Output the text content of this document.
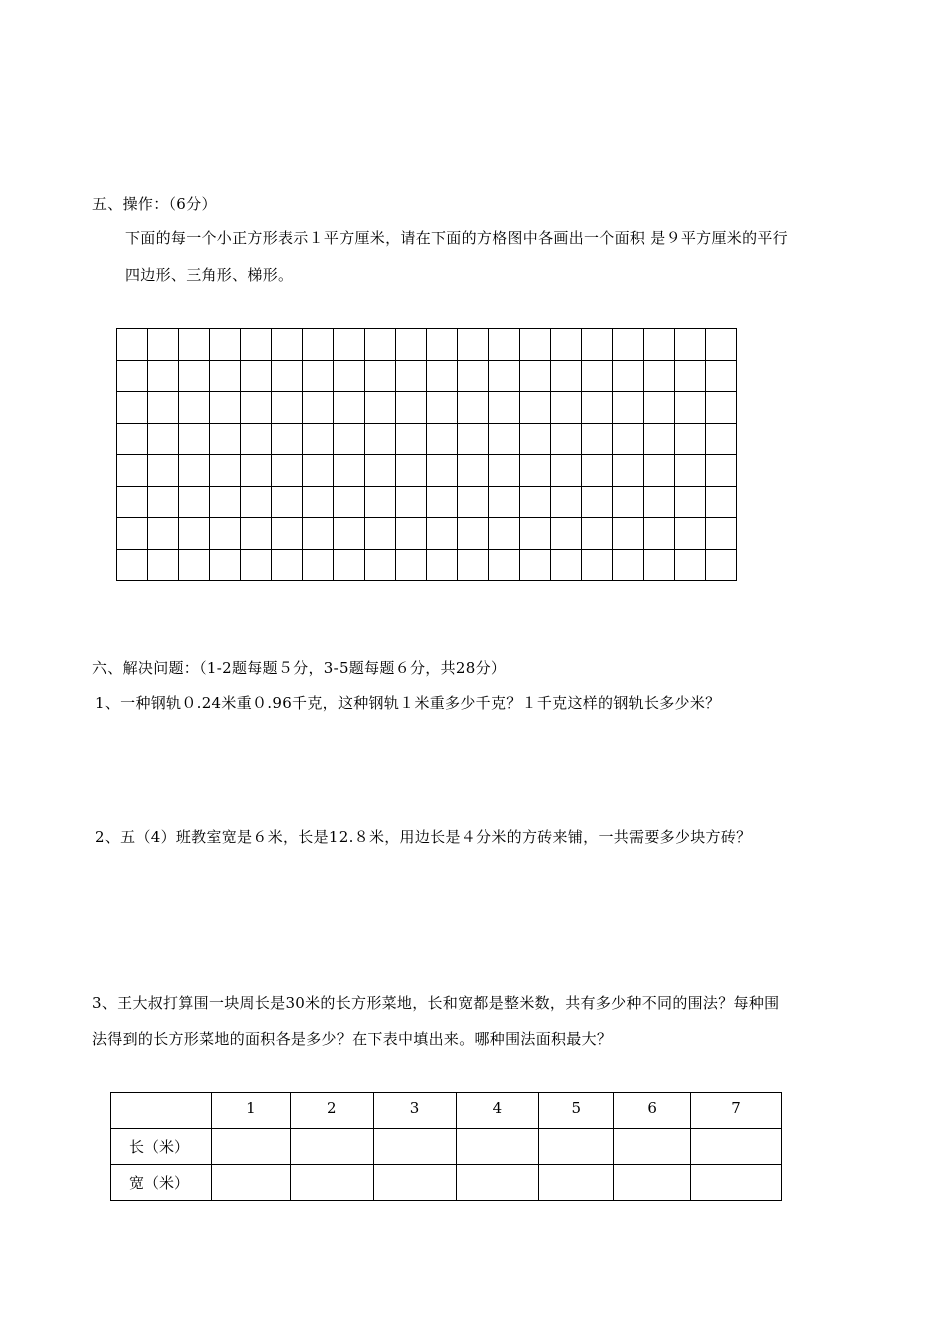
五、操作：（6分）
下面的每一个小正方形表示１平方厘米，请在下面的方格图中各画出一个面积 是９平方厘米的平行
四边形、三角形、梯形。

六、解决问题：（1-2题每题５分，3-5题每题６分，共28分）
1、一种钢轨０.24米重０.96千克，这种钢轨１米重多少千克？１千克这样的钢轨长多少米？
2、五（4）班教室宽是６米，长是12.８米，用边长是４分米的方砖来铺，一共需要多少块方砖？
3、王大叔打算围一块周长是30米的长方形菜地，长和宽都是整米数，共有多少种不同的围法？每种围
法得到的长方形菜地的面积各是多少？在下表中填出来。哪种围法面积最大？
	1	2	3	4	5	6	7
长（米）							
宽（米）							
